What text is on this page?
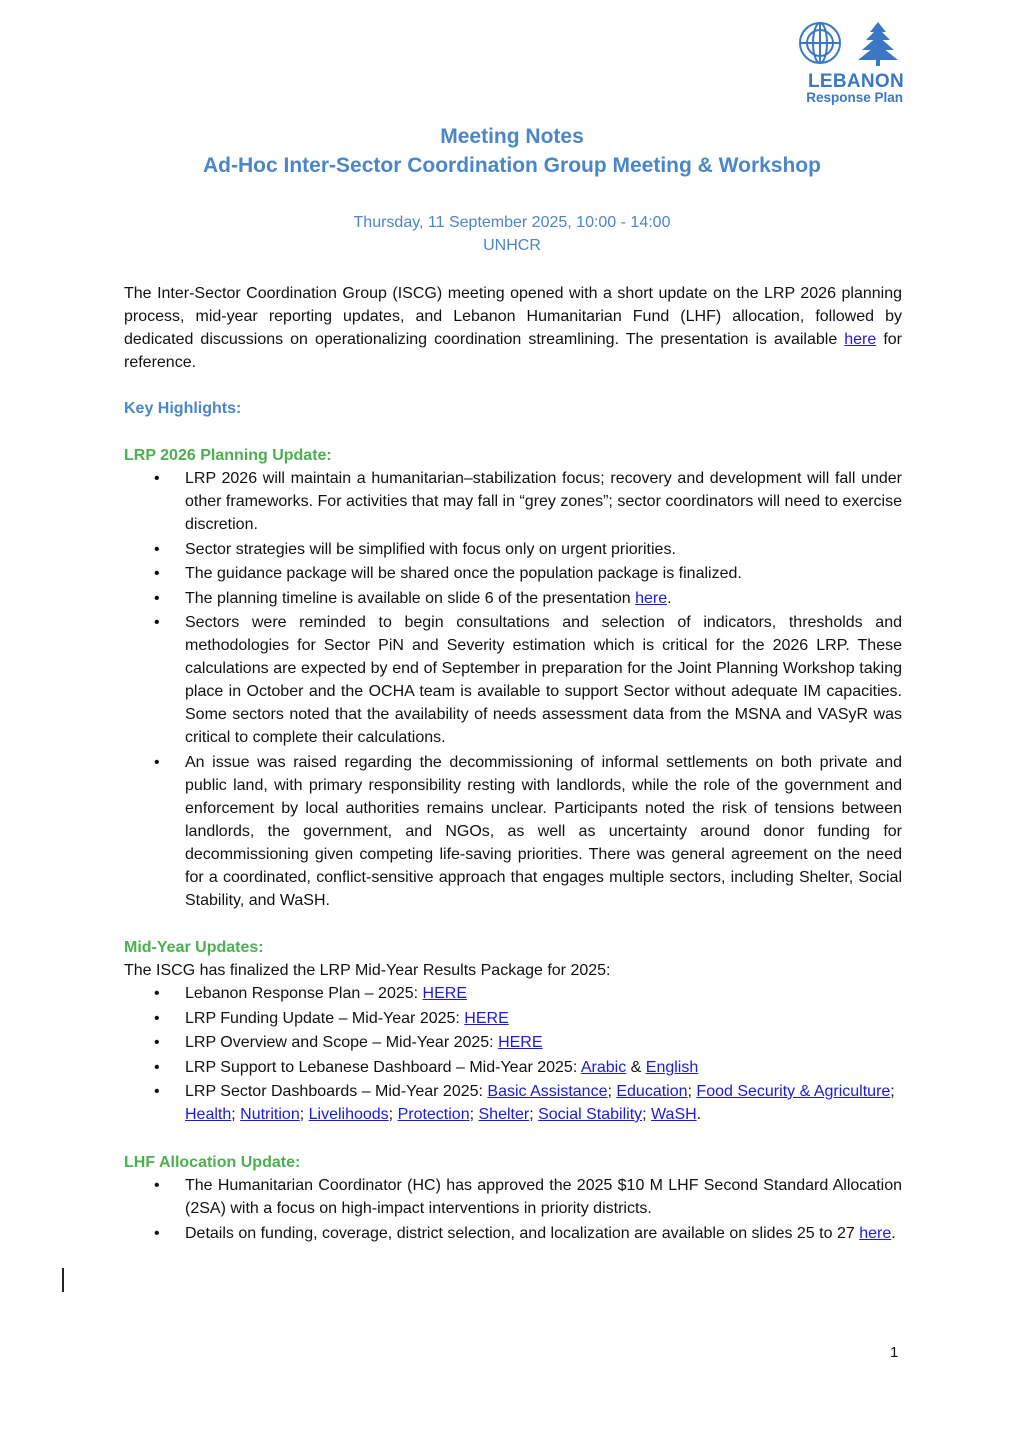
LEBANON
Response Plan
Meeting Notes
Ad-Hoc Inter-Sector Coordination Group Meeting & Workshop
Thursday, 11 September 2025, 10:00 - 14:00
UNHCR

The Inter-Sector Coordination Group (ISCG) meeting opened with a short update on the LRP 2026 planning process, mid-year reporting updates, and Lebanon Humanitarian Fund (LHF) allocation, followed by dedicated discussions on operationalizing coordination streamlining. The presentation is available here for reference.

Key Highlights:
LRP 2026 Planning Update:
• LRP 2026 will maintain a humanitarian–stabilization focus; recovery and development will fall under other frameworks. For activities that may fall in “grey zones”; sector coordinators will need to exercise discretion.
• Sector strategies will be simplified with focus only on urgent priorities.
• The guidance package will be shared once the population package is finalized.
• The planning timeline is available on slide 6 of the presentation here.
• Sectors were reminded to begin consultations and selection of indicators, thresholds and methodologies for Sector PiN and Severity estimation which is critical for the 2026 LRP. These calculations are expected by end of September in preparation for the Joint Planning Workshop taking place in October and the OCHA team is available to support Sector without adequate IM capacities. Some sectors noted that the availability of needs assessment data from the MSNA and VASyR was critical to complete their calculations.
• An issue was raised regarding the decommissioning of informal settlements on both private and public land, with primary responsibility resting with landlords, while the role of the government and enforcement by local authorities remains unclear. Participants noted the risk of tensions between landlords, the government, and NGOs, as well as uncertainty around donor funding for decommissioning given competing life-saving priorities. There was general agreement on the need for a coordinated, conflict-sensitive approach that engages multiple sectors, including Shelter, Social Stability, and WaSH.
Mid-Year Updates:

The ISCG has finalized the LRP Mid-Year Results Package for 2025:

• Lebanon Response Plan – 2025: HERE
• LRP Funding Update – Mid-Year 2025: HERE
• LRP Overview and Scope – Mid-Year 2025: HERE
• LRP Support to Lebanese Dashboard – Mid-Year 2025: Arabic & English
• LRP Sector Dashboards – Mid-Year 2025: Basic Assistance; Education; Food Security & Agriculture; Health; Nutrition; Livelihoods; Protection; Shelter; Social Stability; WaSH.
LHF Allocation Update:
• The Humanitarian Coordinator (HC) has approved the 2025 $10 M LHF Second Standard Allocation (2SA) with a focus on high-impact interventions in priority districts.
• Details on funding, coverage, district selection, and localization are available on slides 25 to 27 here.
1
